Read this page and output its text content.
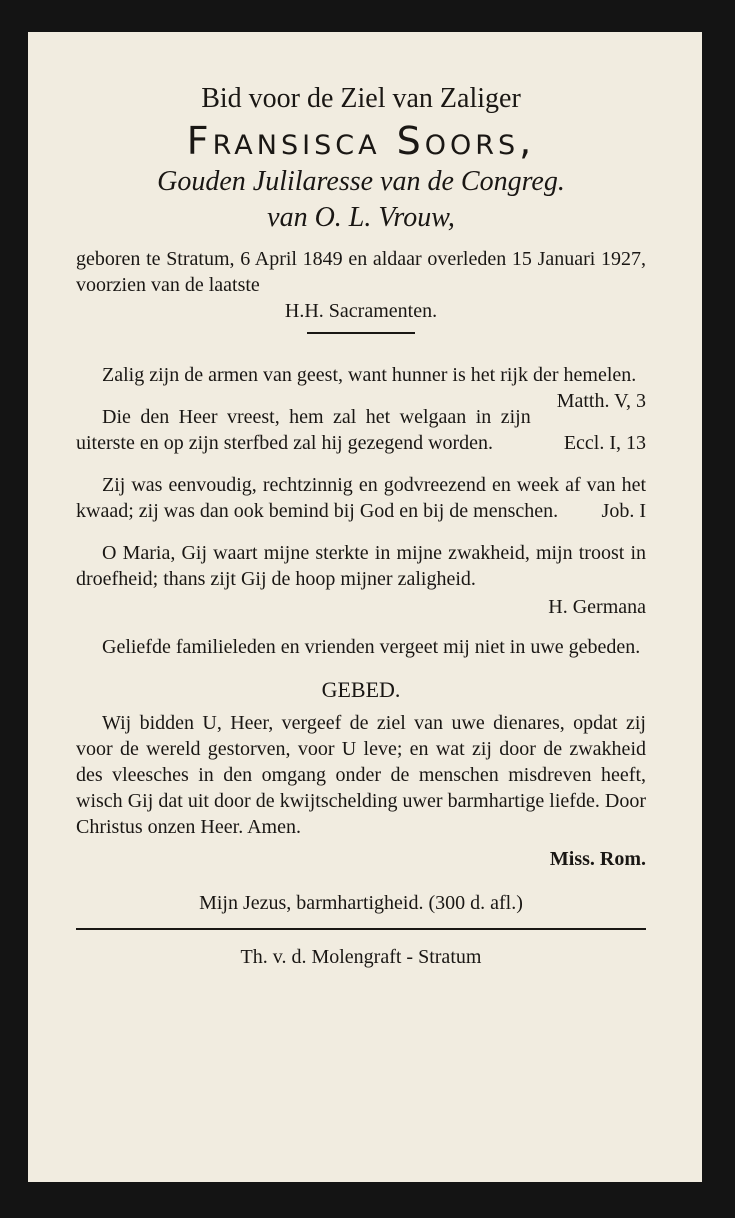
Bid voor de Ziel van Zaliger
Fransisca Soors,
Gouden Julilaresse van de Congreg.
van O. L. Vrouw,
geboren te Stratum, 6 April 1849 en aldaar overleden 15 Januari 1927, voorzien van de laatste
H.H. Sacramenten.

Zalig zijn de armen van geest, want hunner is het rijk der hemelen.
Matth. V, 3

Die den Heer vreest, hem zal het welgaan in zijn uiterste en op zijn sterfbed zal hij gezegend worden.	Eccl. I, 13

Zij was eenvoudig, rechtzinnig en godvreezend en week af van het kwaad; zij was dan ook bemind bij God en bij de menschen.	Job. I

O Maria, Gij waart mijne sterkte in mijne zwakheid, mijn troost in droefheid; thans zijt Gij de hoop mijner zaligheid.

H. Germana

Geliefde familieleden en vrienden vergeet mij niet in uwe gebeden.

GEBED.
Wij bidden U, Heer, vergeef de ziel van uwe dienares, opdat zij voor de wereld gestorven, voor U leve; en wat zij door de zwakheid des vleesches in den omgang onder de menschen misdreven heeft, wisch Gij dat uit door de kwijtschelding uwer barmhartige liefde. Door Christus onzen Heer. Amen.
Miss. Rom.
Mijn Jezus, barmhartigheid. (300 d. afl.)
Th. v. d. Molengraft - Stratum
